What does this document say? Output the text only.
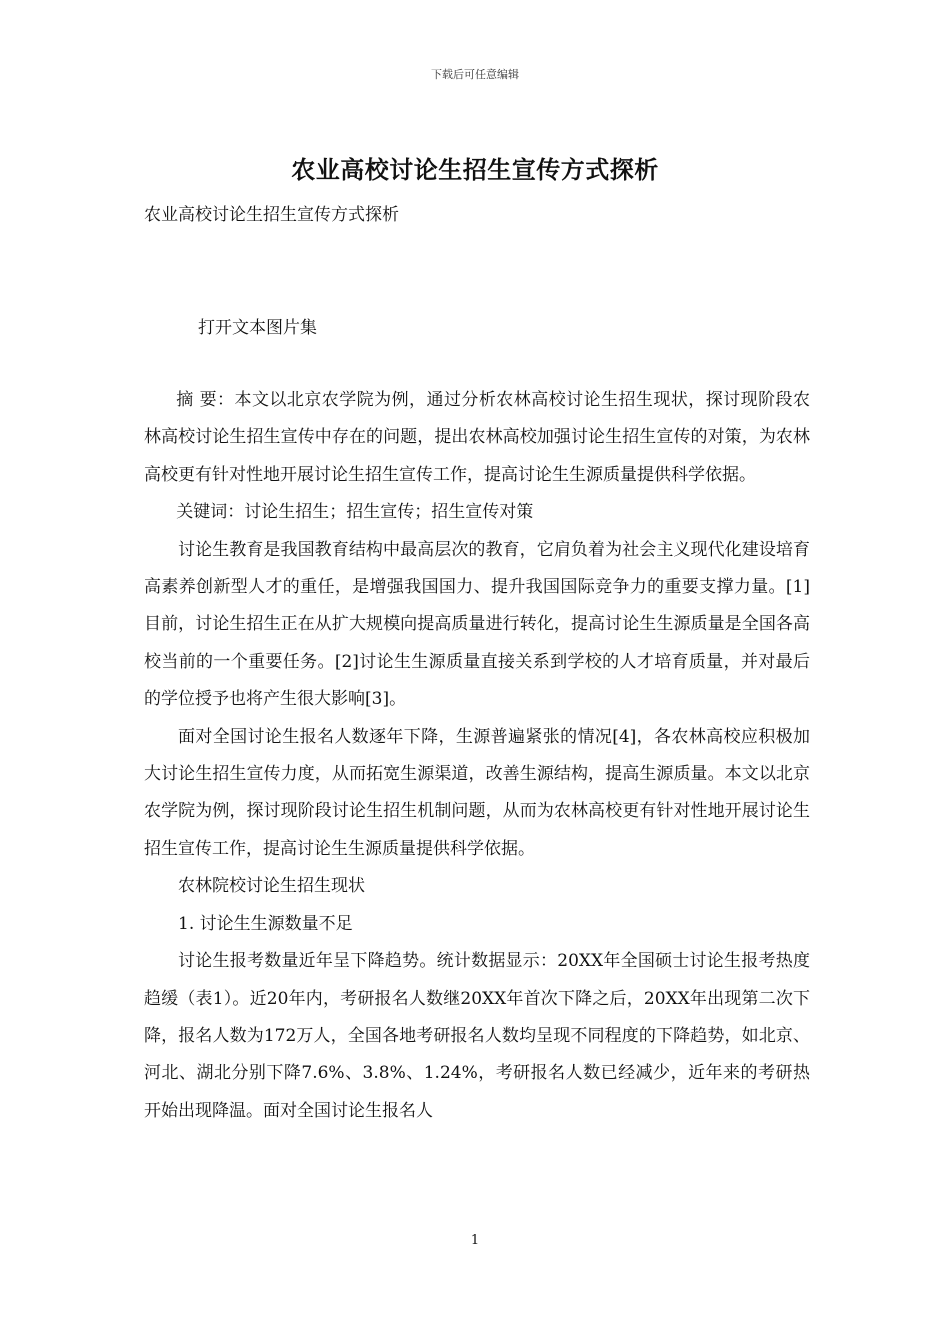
下载后可任意编辑
农业高校讨论生招生宣传方式探析

农业高校讨论生招生宣传方式探析

打开文本图片集

摘 要：本文以北京农学院为例，通过分析农林高校讨论生招生现状，探讨现阶段农林高校讨论生招生宣传中存在的问题，提出农林高校加强讨论生招生宣传的对策，为农林高校更有针对性地开展讨论生招生宣传工作，提高讨论生生源质量提供科学依据。

关键词：讨论生招生；招生宣传；招生宣传对策

讨论生教育是我国教育结构中最高层次的教育，它肩负着为社会主义现代化建设培育高素养创新型人才的重任，是增强我国国力、提升我国国际竞争力的重要支撑力量。[1]目前，讨论生招生正在从扩大规模向提高质量进行转化，提高讨论生生源质量是全国各高校当前的一个重要任务。[2]讨论生生源质量直接关系到学校的人才培育质量，并对最后的学位授予也将产生很大影响[3]。

面对全国讨论生报名人数逐年下降，生源普遍紧张的情况[4]，各农林高校应积极加大讨论生招生宣传力度，从而拓宽生源渠道，改善生源结构，提高生源质量。本文以北京农学院为例，探讨现阶段讨论生招生机制问题，从而为农林高校更有针对性地开展讨论生招生宣传工作，提高讨论生生源质量提供科学依据。

农林院校讨论生招生现状

1. 讨论生生源数量不足

讨论生报考数量近年呈下降趋势。统计数据显示：20XX年全国硕士讨论生报考热度趋缓（表1）。近20年内，考研报名人数继20XX年首次下降之后，20XX年出现第二次下降，报名人数为172万人，全国各地考研报名人数均呈现不同程度的下降趋势，如北京、河北、湖北分别下降7.6%、3.8%、1.24%，考研报名人数已经减少，近年来的考研热开始出现降温。面对全国讨论生报名人

1
